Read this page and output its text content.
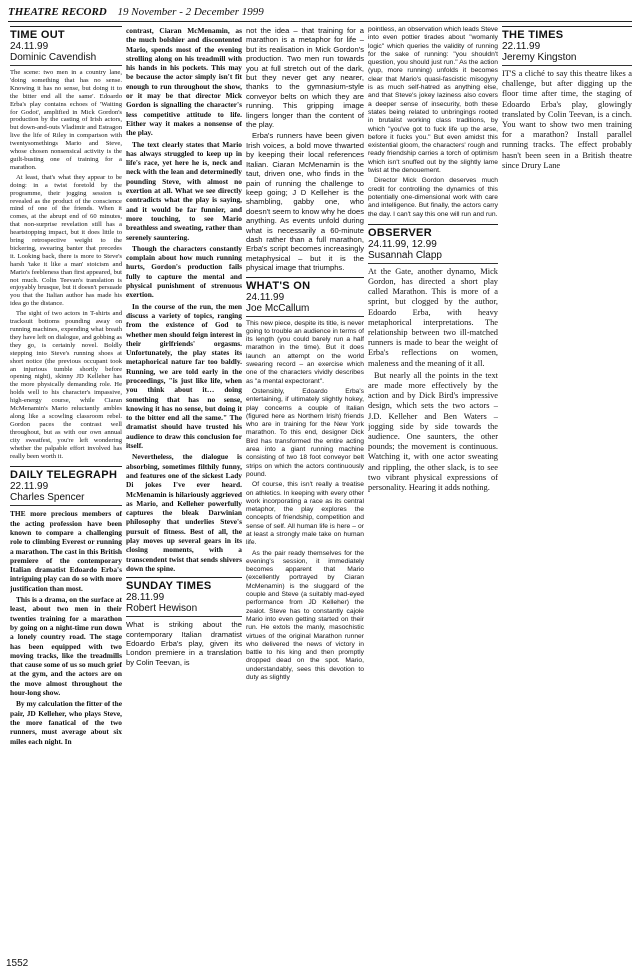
THEATRE RECORD 19 November - 2 December 1999
TIME OUT
24.11.99
Dominic Cavendish

The scene: two men in a country lane, 'doing something that has no sense. Knowing it has no sense, but doing it to the bitter end all the same'. Edoardo Erba's play contains echoes of 'Waiting for Godot', amplified in Mick Gordon's production by the casting of Irish actors, but down-and-outs Vladimir and Estragon live the life of Riley in comparison with twentysomethings Mario and Steve, whose chosen nonsensical activity is the guilt-busting one of training for a marathon.

At least, that's what they appear to be doing: in a twist foretold by the programme, their jogging session is revealed as the product of the conscience mind of one of the friends. When it comes, at the abrupt end of 60 minutes, that non-surprise revelation still has a heartstopping impact, but it does little to bring retrospective weight to the bickering, swearing banter that precedes it. Looking back, there is more to Steve's harsh 'take it like a man' stoicism and Mario's feebleness than first appeared, but not much. Colin Teevan's translation is enjoyably brusque, but it doesn't persuade you that the Italian author has made his idea go the distance.

The sight of two actors in T-shirts and tracksuit bottoms pounding away on running machines, expending what breath they have left on dialogue, and gobbing as they go, is certainly novel. Boldly stepping into Steve's running shoes at short notice (the previous occupant took an injurious tumble shortly before opening night), skinny JD Kelleher has the more physically demanding role. He holds well to his character's impassive, high-energy course, while Ciaran McMenamin's Mario reluctantly ambles along like a scowling classroom rebel. Gordon paces the contrast well throughout, but as with our own annual city sweatfest, you're left wondering whether the palpable effort involved has really been worth it.

DAILY TELEGRAPH
22.11.99
Charles Spencer

THE more precious members of the acting profession have been known to compare a challenging role to climbing Everest or running a marathon. The cast in this British premiere of the contemporary Italian dramatist Edoardo Erba's intriguing play can do so with more justification than most.

This is a drama, on the surface at least, about two men in their twenties training for a marathon by going on a night-time run down a lonely country road. The stage has been equipped with two moving tracks, like the treadmills that cause some of us so much grief at the gym, and the actors are on the move almost throughout the hour-long show.

By my calculation the fitter of the pair, JD Kelleher, who plays Steve, the more fanatical of the two runners, must average about six miles each night. In

contrast, Ciaran McMenamin, as the much bolshier and discontented Mario, spends most of the evening strolling along on his treadmill with his hands in his pockets. This may be because the actor simply isn't fit enough to run throughout the show, or it may be that director Mick Gordon is signalling the character's less competitive attitude to life. Either way it makes a nonsense of the play.

The text clearly states that Mario has always struggled to keep up in life's race, yet here he is, neck and neck with the lean and determinedly pounding Steve, with almost no exertion at all. What we see directly contradicts what the play is saying, and it would be far funnier, and more touching, to see Mario breathless and sweating, rather than serenely sauntering.

Though the characters constantly complain about how much running hurts, Gordon's production fails fully to capture the mental and physical punishment of strenuous exertion.

In the course of the run, the men discuss a variety of topics, ranging from the existence of God to whether men should feign interest in their girlfriends' orgasms. Unfortunately, the play states its metaphorical nature far too baldly. Running, we are told early in the proceedings, "is just like life, when you think about it… doing something that has no sense, knowing it has no sense, but doing it to the bitter end all the same." The dramatist should have trusted his audience to draw this conclusion for itself.

Nevertheless, the dialogue is absorbing, sometimes filthily funny, and features one of the sickest Lady Di jokes I've ever heard. McMenamin is hilariously aggrieved as Mario, and Kelleher powerfully captures the bleak Darwinian philosophy that underlies Steve's pursuit of fitness. Best of all, the play moves up several gears in its closing moments, with a transcendent twist that sends shivers down the spine.

SUNDAY TIMES
28.11.99
Robert Hewison

What is striking about the contemporary Italian dramatist Edoardo Erba's play, given its London premiere in a translation by Colin Teevan, is

not the idea – that training for a marathon is a metaphor for life – but its realisation in Mick Gordon's production. Two men run towards you at full stretch out of the dark, but they never get any nearer, thanks to the gymnasium-style conveyor belts on which they are running. This gripping image lingers longer than the content of the play.

Erba's runners have been given Irish voices, a bold move thwarted by keeping their local references Italian. Ciaran McMenamin is the taut, driven one, who finds in the pain of running the challenge to keep going; J D Kelleher is the shambling, gabby one, who doesn't seem to know why he does anything. As events unfold during what is necessarily a 60-minute dash rather than a full marathon, Erba's script becomes increasingly metaphysical – but it is the physical image that triumphs.

WHAT'S ON
24.11.99
Joe McCallum

This new piece, despite its title, is never going to trouble an audience in terms of its length (you could barely run a half marathon in the time). But it does launch an attempt on the world swearing record – an exercise which one of the characters vividly describes as "a mental expectorant".

Ostensibly, Edoardo Erba's entertaining, if ultimately slightly hokey, play concerns a couple of Italian (figured here as Northern Irish) friends who are in training for the New York marathon. To this end, designer Dick Bird has transformed the entire acting area into a giant running machine consisting of two 18 foot conveyor belt strips on which the actors continuously pound.

Of course, this isn't really a treatise on athletics. In keeping with every other work incorporating a race as its central metaphor, the play explores the concepts of friendship, competition and sense of self. All human life is here – or at least a strongly male take on human life.

As the pair ready themselves for the evening's session, it immediately becomes apparent that Mario (excellently portrayed by Ciaran McMenamin) is the sluggard of the couple and Steve (a suitably mad-eyed performance from JD Kelleher) the zealot. Steve has to constantly cajole Mario into even getting started on their run. He extols the manly, masochistic virtues of the original Marathon runner who delivered the news of victory in battle to his king and then promptly dropped dead on the spot. Mario, understandably, sees this devotion to duty as slightly

pointless, an observation which leads Steve into even pottier tirades about "womanly logic" which queries the validity of running for the sake of running: "you shouldn't question, you should just run." As the action (yup, more running) unfolds it becomes clear that Mario's quasi-fascistic misogyny is as much self-hatred as anything else, and that Steve's jokey laziness also covers a deeper sense of insecurity, both these states being related to unbringings rooted in brutalist working class traditions, by which "you've got to fuck life up the arse, before it fucks you." But even amidst this existential gloom, the characters' rough and ready friendship carries a torch of optimism which isn't snuffed out by the slightly lame twist at the denouement.

Director Mick Gordon deserves much credit for controlling the dynamics of this potentially one-dimensional work with care and intelligence. But finally, the actors carry the day. I can't say this one will run and run.

OBSERVER
24.11.99, 12.99
Susannah Clapp

At the Gate, another dynamo, Mick Gordon, has directed a short play called Marathon. This is more of a sprint, but clogged by the author, Edoardo Erba, with heavy metaphorical interpretations. The relationship between two ill-matched runners is made to bear the weight of Erba's reflections on women, maleness and the meaning of it all.

But nearly all the points in the text are made more effectively by the action and by Dick Bird's impressive design, which sets the two actors – J.D. Kelleher and Ben Waters – jogging side by side towards the audience. One saunters, the other pounds; the movement is continuous. Watching it, with one actor sweating and rippling, the other slack, is to see two vibrant physical expressions of personality. Hearing it adds nothing.

THE TIMES
22.11.99
Jeremy Kingston

IT'S a cliché to say this theatre likes a challenge, but after digging up the floor time after time, the staging of Edoardo Erba's play, glowingly translated by Colin Teevan, is a cinch. You want to show two men training for a marathon? Install parallel running tracks. The effect probably hasn't been seen in a British theatre since Drury Lane

1552
